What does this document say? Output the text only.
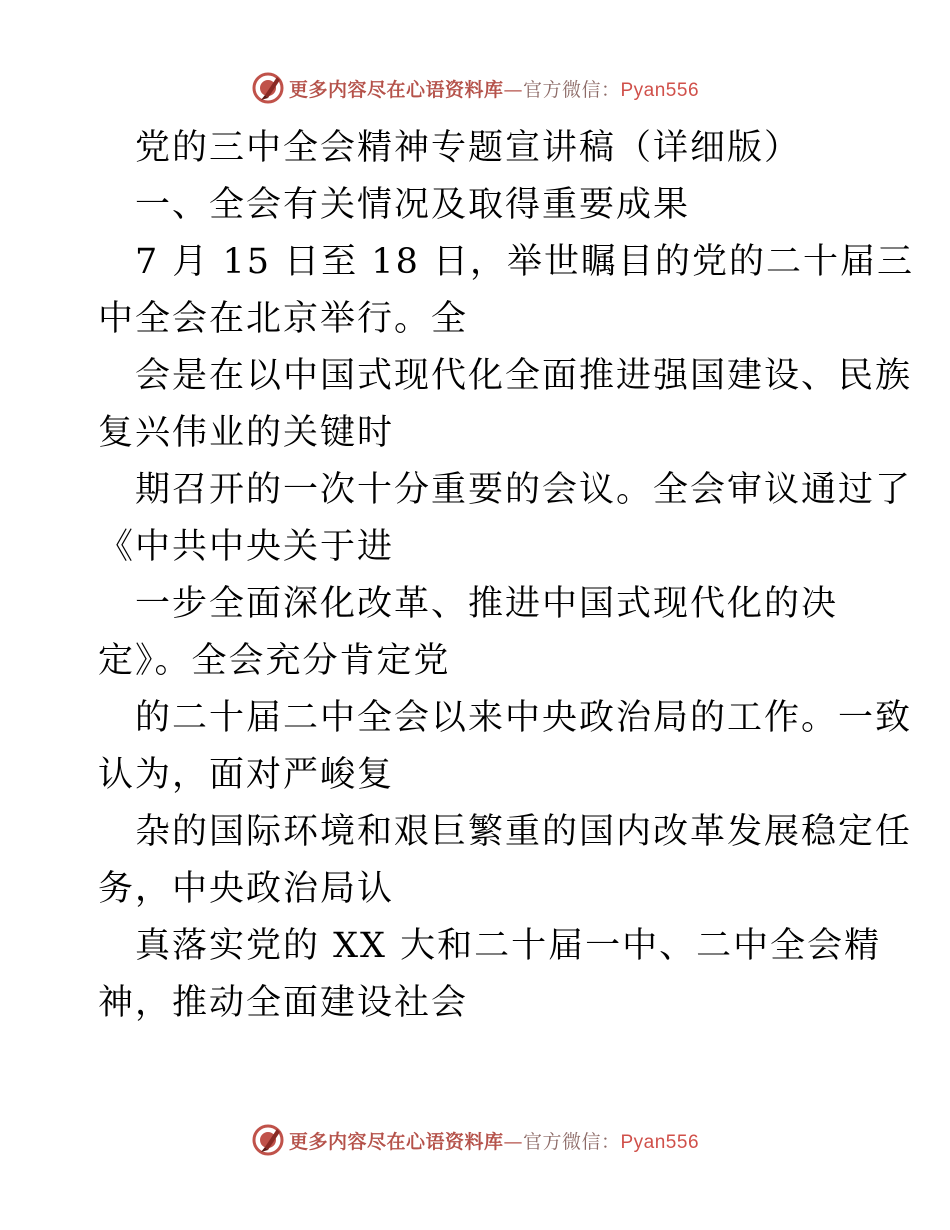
更多内容尽在心语资料库—官方微信：Pyan556
党的三中全会精神专题宣讲稿（详细版）
一、全会有关情况及取得重要成果
7 月 15 日至 18 日，举世瞩目的党的二十届三
中全会在北京举行。全
会是在以中国式现代化全面推进强国建设、民族
复兴伟业的关键时
期召开的一次十分重要的会议。全会审议通过了
《中共中央关于进
一步全面深化改革、推进中国式现代化的决
定》。全会充分肯定党
的二十届二中全会以来中央政治局的工作。一致
认为，面对严峻复
杂的国际环境和艰巨繁重的国内改革发展稳定任
务，中央政治局认
真落实党的 XX 大和二十届一中、二中全会精
神，推动全面建设社会
更多内容尽在心语资料库—官方微信：Pyan556
